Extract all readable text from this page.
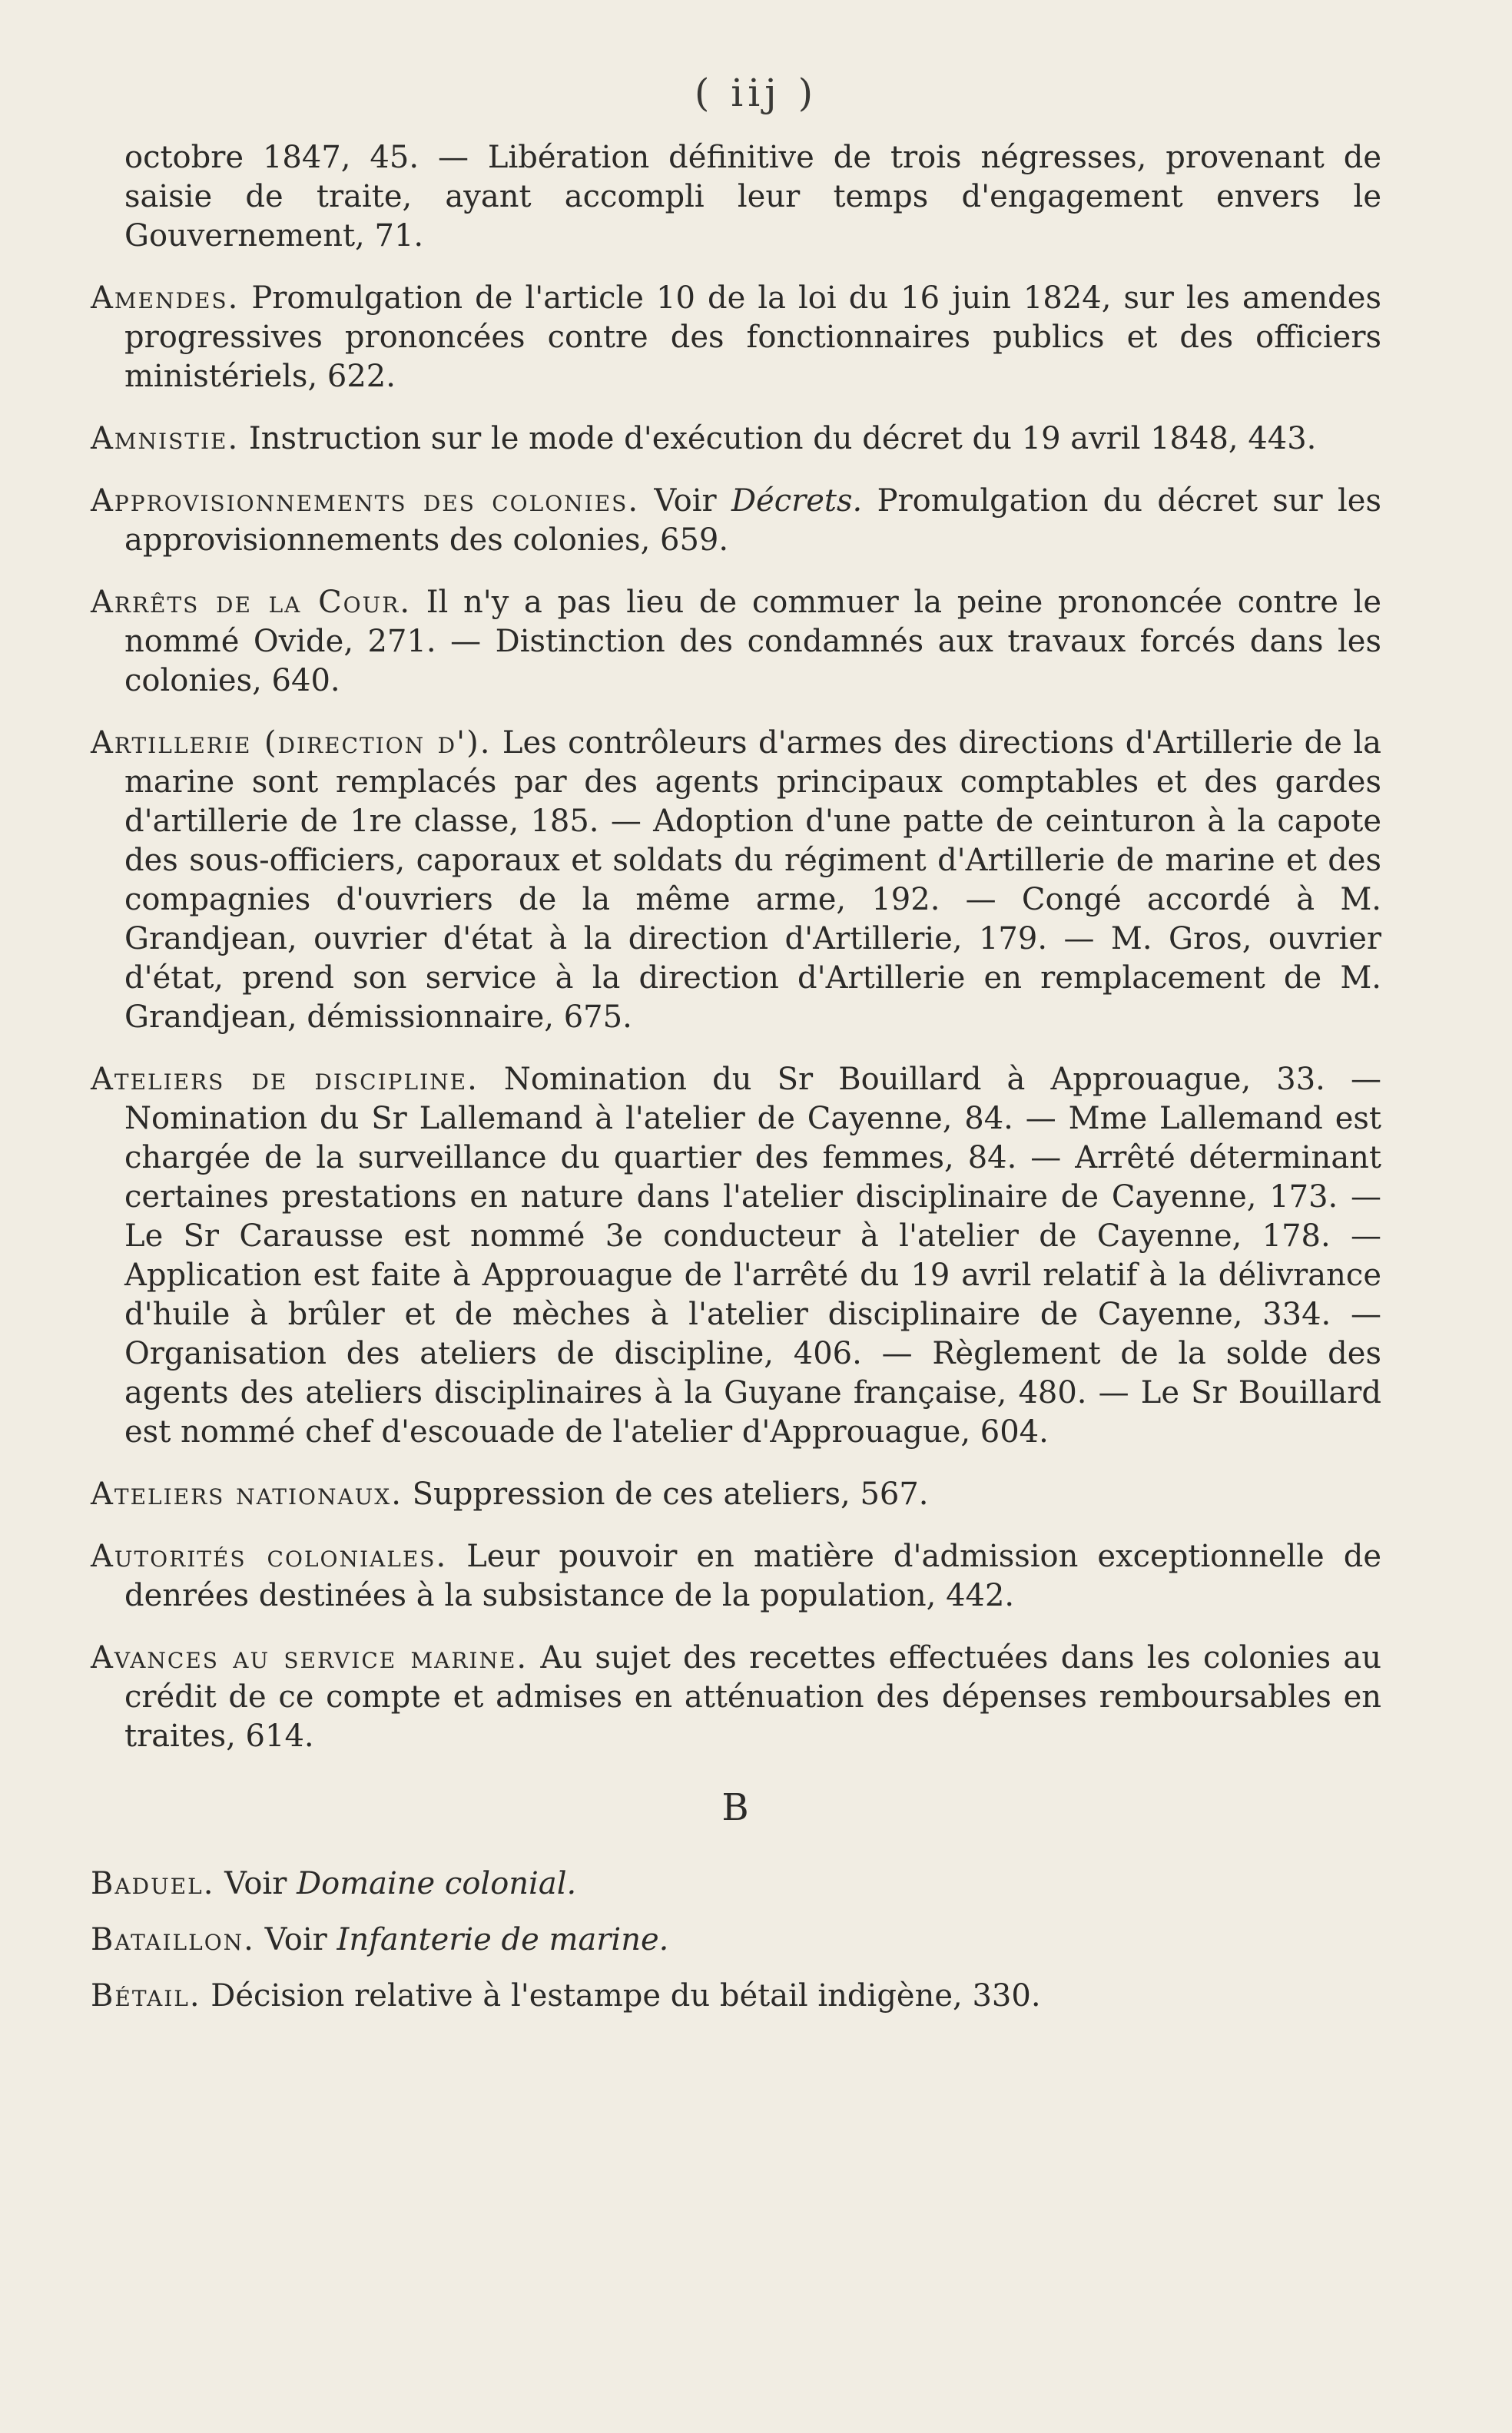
( iij )

octobre 1847, 45. — Libération définitive de trois négresses, provenant de saisie de traite, ayant accompli leur temps d'engagement envers le Gouvernement, 71.

Amendes. Promulgation de l'article 10 de la loi du 16 juin 1824, sur les amendes progressives prononcées contre des fonctionnaires publics et des officiers ministériels, 622.

Amnistie. Instruction sur le mode d'exécution du décret du 19 avril 1848, 443.

Approvisionnements des colonies. Voir Décrets. Promulgation du décret sur les approvisionnements des colonies, 659.

Arrêts de la Cour. Il n'y a pas lieu de commuer la peine prononcée contre le nommé Ovide, 271. — Distinction des condamnés aux travaux forcés dans les colonies, 640.

Artillerie (direction d'). Les contrôleurs d'armes des directions d'Artillerie de la marine sont remplacés par des agents principaux comptables et des gardes d'artillerie de 1re classe, 185. — Adoption d'une patte de ceinturon à la capote des sous-officiers, caporaux et soldats du régiment d'Artillerie de marine et des compagnies d'ouvriers de la même arme, 192. — Congé accordé à M. Grandjean, ouvrier d'état à la direction d'Artillerie, 179. — M. Gros, ouvrier d'état, prend son service à la direction d'Artillerie en remplacement de M. Grandjean, démissionnaire, 675.

Ateliers de discipline. Nomination du Sr Bouillard à Approuague, 33. — Nomination du Sr Lallemand à l'atelier de Cayenne, 84. — Mme Lallemand est chargée de la surveillance du quartier des femmes, 84. — Arrêté déterminant certaines prestations en nature dans l'atelier disciplinaire de Cayenne, 173. — Le Sr Carausse est nommé 3e conducteur à l'atelier de Cayenne, 178. — Application est faite à Approuague de l'arrêté du 19 avril relatif à la délivrance d'huile à brûler et de mèches à l'atelier disciplinaire de Cayenne, 334. — Organisation des ateliers de discipline, 406. — Règlement de la solde des agents des ateliers disciplinaires à la Guyane française, 480. — Le Sr Bouillard est nommé chef d'escouade de l'atelier d'Approuague, 604.

Ateliers nationaux. Suppression de ces ateliers, 567.

Autorités coloniales. Leur pouvoir en matière d'admission exceptionnelle de denrées destinées à la subsistance de la population, 442.

Avances au service marine. Au sujet des recettes effectuées dans les colonies au crédit de ce compte et admises en atténuation des dépenses remboursables en traites, 614.

B

Baduel. Voir Domaine colonial.

Bataillon. Voir Infanterie de marine.

Bétail. Décision relative à l'estampe du bétail indigène, 330.
